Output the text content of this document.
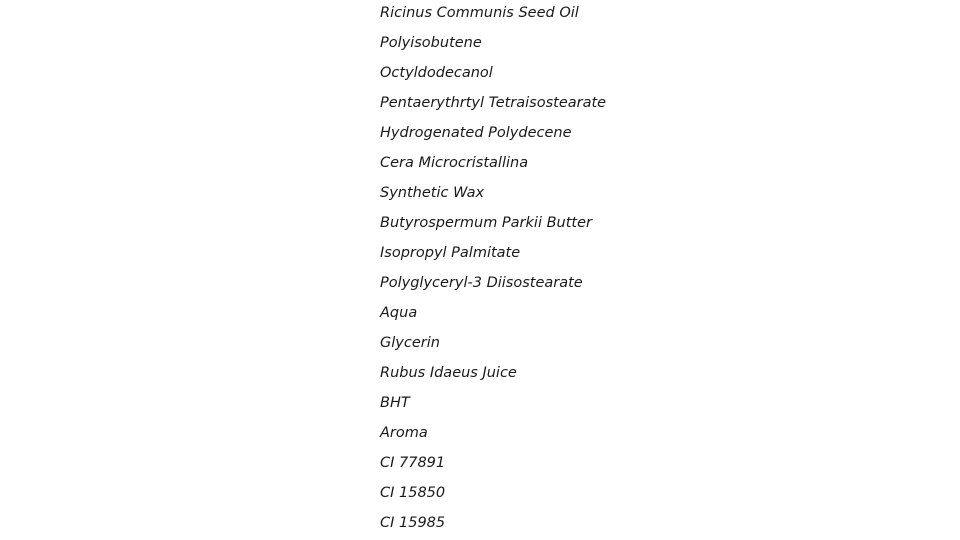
Ricinus Communis Seed Oil
Polyisobutene
Octyldodecanol
Pentaerythrtyl Tetraisostearate
Hydrogenated Polydecene
Cera Microcristallina
Synthetic Wax
Butyrospermum Parkii Butter
Isopropyl Palmitate
Polyglyceryl-3 Diisostearate
Aqua
Glycerin
Rubus Idaeus Juice
BHT
Aroma
CI 77891
CI 15850
CI 15985
